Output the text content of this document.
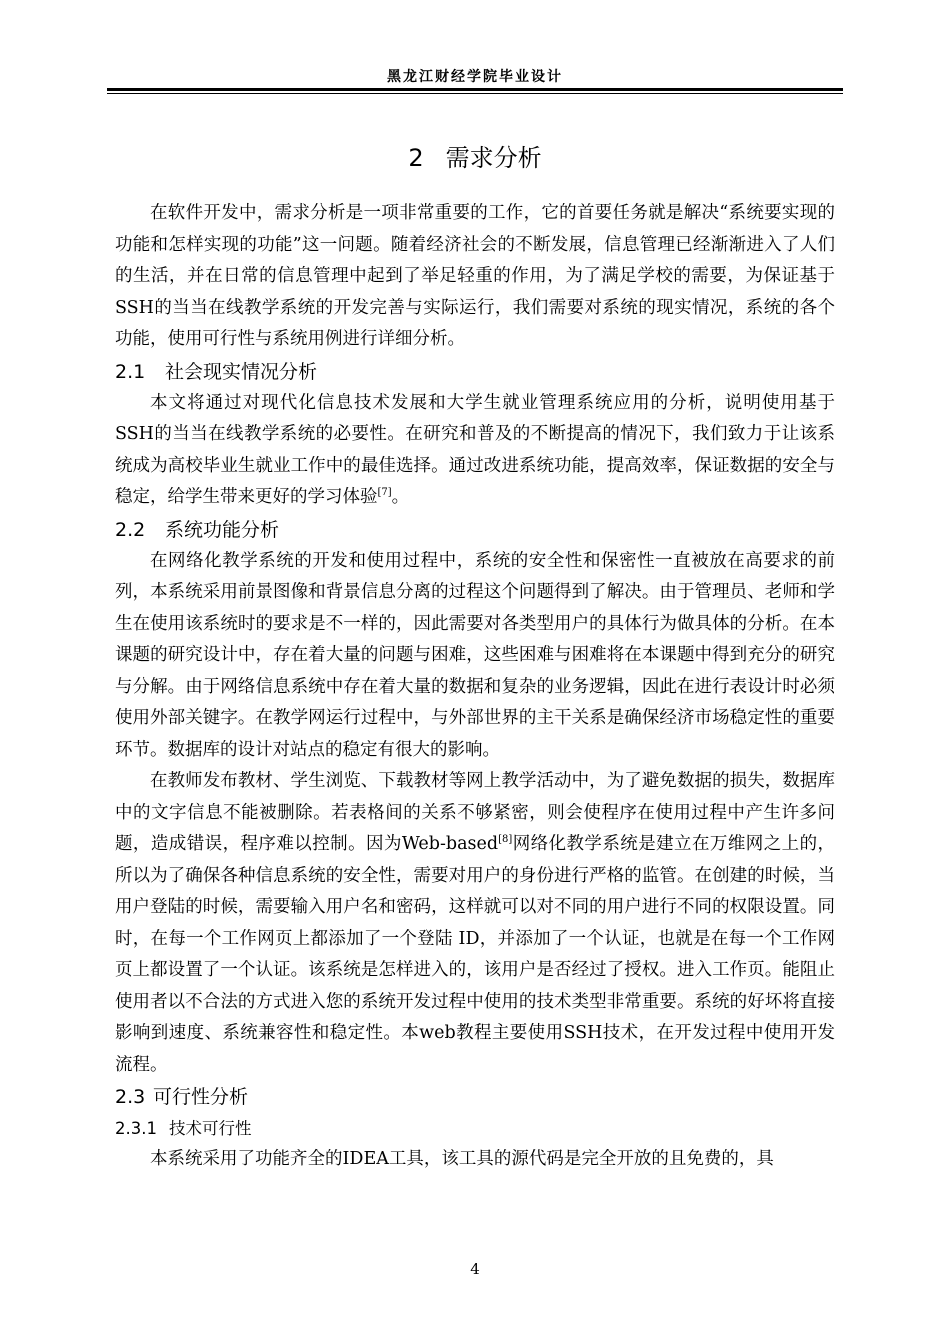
黑龙江财经学院毕业设计
2 需求分析

在软件开发中，需求分析是一项非常重要的工作，它的首要任务就是解决“系统要实现的功能和怎样实现的功能”这一问题。随着经济社会的不断发展，信息管理已经渐渐进入了人们的生活，并在日常的信息管理中起到了举足轻重的作用，为了满足学校的需要，为保证基于SSH的当当在线教学系统的开发完善与实际运行，我们需要对系统的现实情况，系统的各个功能，使用可行性与系统用例进行详细分析。

2.1 社会现实情况分析

本文将通过对现代化信息技术发展和大学生就业管理系统应用的分析，说明使用基于SSH的当当在线教学系统的必要性。在研究和普及的不断提高的情况下，我们致力于让该系统成为高校毕业生就业工作中的最佳选择。通过改进系统功能，提高效率，保证数据的安全与稳定，给学生带来更好的学习体验[7]。

2.2 系统功能分析

在网络化教学系统的开发和使用过程中，系统的安全性和保密性一直被放在高要求的前列，本系统采用前景图像和背景信息分离的过程这个问题得到了解决。由于管理员、老师和学生在使用该系统时的要求是不一样的，因此需要对各类型用户的具体行为做具体的分析。在本课题的研究设计中，存在着大量的问题与困难，这些困难与困难将在本课题中得到充分的研究与分解。由于网络信息系统中存在着大量的数据和复杂的业务逻辑，因此在进行表设计时必须使用外部关键字。在教学网运行过程中，与外部世界的主干关系是确保经济市场稳定性的重要环节。数据库的设计对站点的稳定有很大的影响。

在教师发布教材、学生浏览、下载教材等网上教学活动中，为了避免数据的损失，数据库中的文字信息不能被删除。若表格间的关系不够紧密，则会使程序在使用过程中产生许多问题，造成错误，程序难以控制。因为Web-based[8]网络化教学系统是建立在万维网之上的，所以为了确保各种信息系统的安全性，需要对用户的身份进行严格的监管。在创建的时候，当用户登陆的时候，需要输入用户名和密码，这样就可以对不同的用户进行不同的权限设置。同时，在每一个工作网页上都添加了一个登陆 ID，并添加了一个认证，也就是在每一个工作网页上都设置了一个认证。该系统是怎样进入的，该用户是否经过了授权。进入工作页。能阻止使用者以不合法的方式进入您的系统开发过程中使用的技术类型非常重要。系统的好坏将直接影响到速度、系统兼容性和稳定性。本web教程主要使用SSH技术，在开发过程中使用开发流程。

2.3 可行性分析
2.3.1 技术可行性

本系统采用了功能齐全的IDEA工具，该工具的源代码是完全开放的且免费的，具

4
